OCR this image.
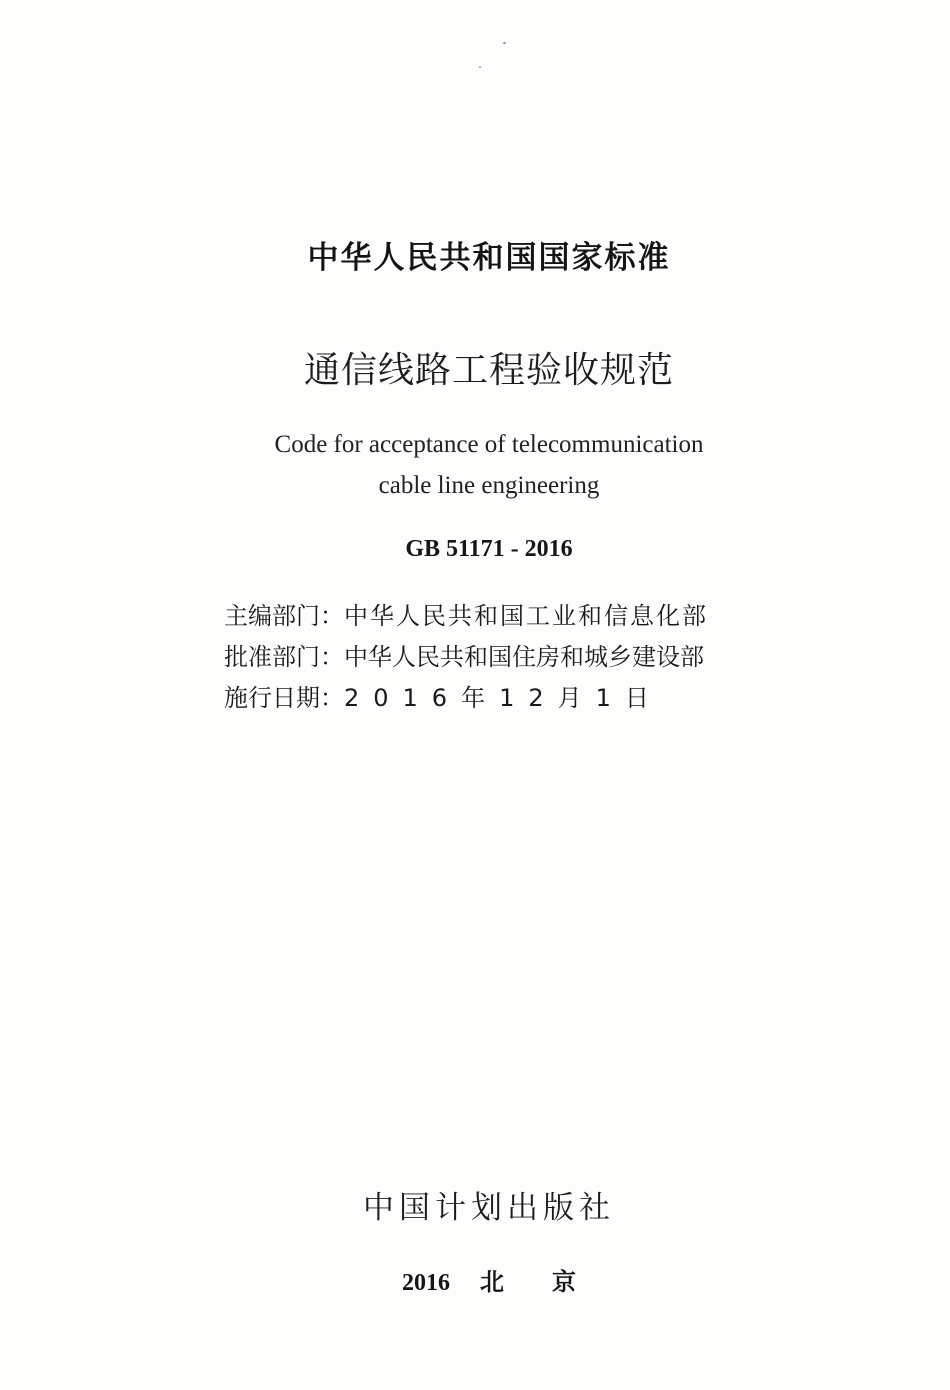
中华人民共和国国家标准
通信线路工程验收规范
Code for acceptance of telecommunication
cable line engineering
GB 51171 - 2016
主编部门：中华人民共和国工业和信息化部
批准部门：中华人民共和国住房和城乡建设部
施行日期：2016年12月1日
中国计划出版社
2016 北 京
